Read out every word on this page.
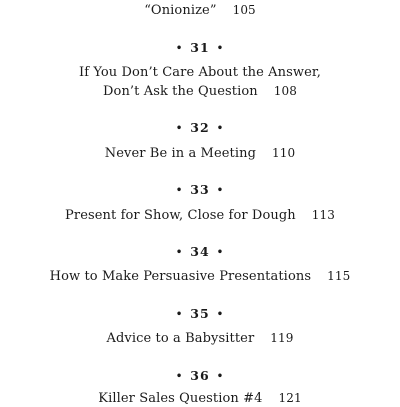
“Onionize” 105
• 31 •
If You Don’t Care About the Answer,
Don’t Ask the Question 108
• 32 •
Never Be in a Meeting 110
• 33 •
Present for Show, Close for Dough 113
• 34 •
How to Make Persuasive Presentations 115
• 35 •
Advice to a Babysitter 119
• 36 •
Killer Sales Question #4 121
